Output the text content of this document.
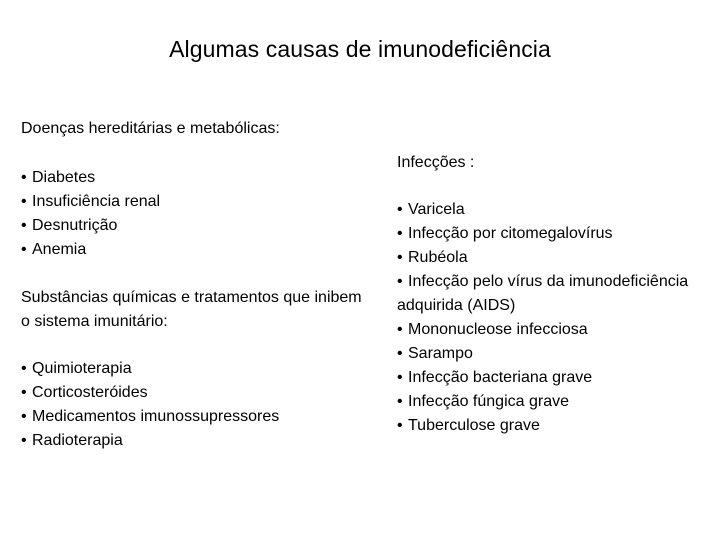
Algumas causas de imunodeficiência

Doenças hereditárias e metabólicas:

• Diabetes
• Insuficiência renal
• Desnutrição
• Anemia

Substâncias químicas e tratamentos que inibem o sistema imunitário:

• Quimioterapia
• Corticosteróides
• Medicamentos imunossupressores
• Radioterapia

Infecções :

• Varicela
• Infecção por citomegalovírus
• Rubéola
• Infecção pelo vírus da imunodeficiência adquirida (AIDS)
• Mononucleose infecciosa
• Sarampo
• Infecção bacteriana grave
• Infecção fúngica grave
• Tuberculose grave
